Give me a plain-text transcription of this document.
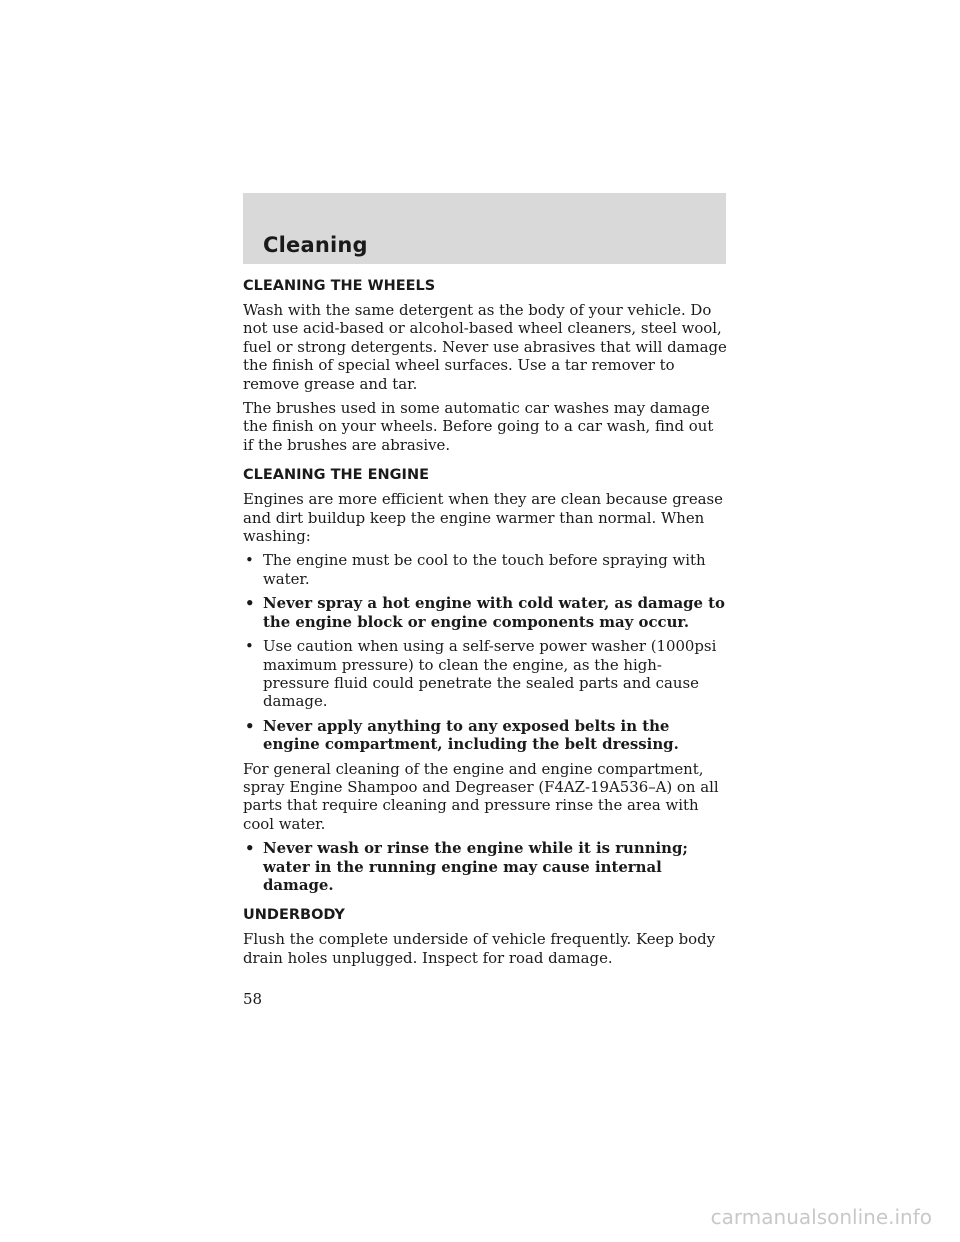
Cleaning
CLEANING THE WHEELS

Wash with the same detergent as the body of your vehicle. Do not use acid-based or alcohol-based wheel cleaners, steel wool, fuel or strong detergents. Never use abrasives that will damage the finish of special wheel surfaces. Use a tar remover to remove grease and tar.

The brushes used in some automatic car washes may damage the finish on your wheels. Before going to a car wash, find out if the brushes are abrasive.

CLEANING THE ENGINE

Engines are more efficient when they are clean because grease and dirt buildup keep the engine warmer than normal. When washing:

• The engine must be cool to the touch before spraying with water.
• Never spray a hot engine with cold water, as damage to the engine block or engine components may occur.
• Use caution when using a self-serve power washer (1000psi maximum pressure) to clean the engine, as the high-pressure fluid could penetrate the sealed parts and cause damage.
• Never apply anything to any exposed belts in the engine compartment, including the belt dressing.

For general cleaning of the engine and engine compartment, spray Engine Shampoo and Degreaser (F4AZ-19A536–A) on all parts that require cleaning and pressure rinse the area with cool water.

• Never wash or rinse the engine while it is running; water in the running engine may cause internal damage.
UNDERBODY

Flush the complete underside of vehicle frequently. Keep body drain holes unplugged. Inspect for road damage.

58
carmanualsonline.info
